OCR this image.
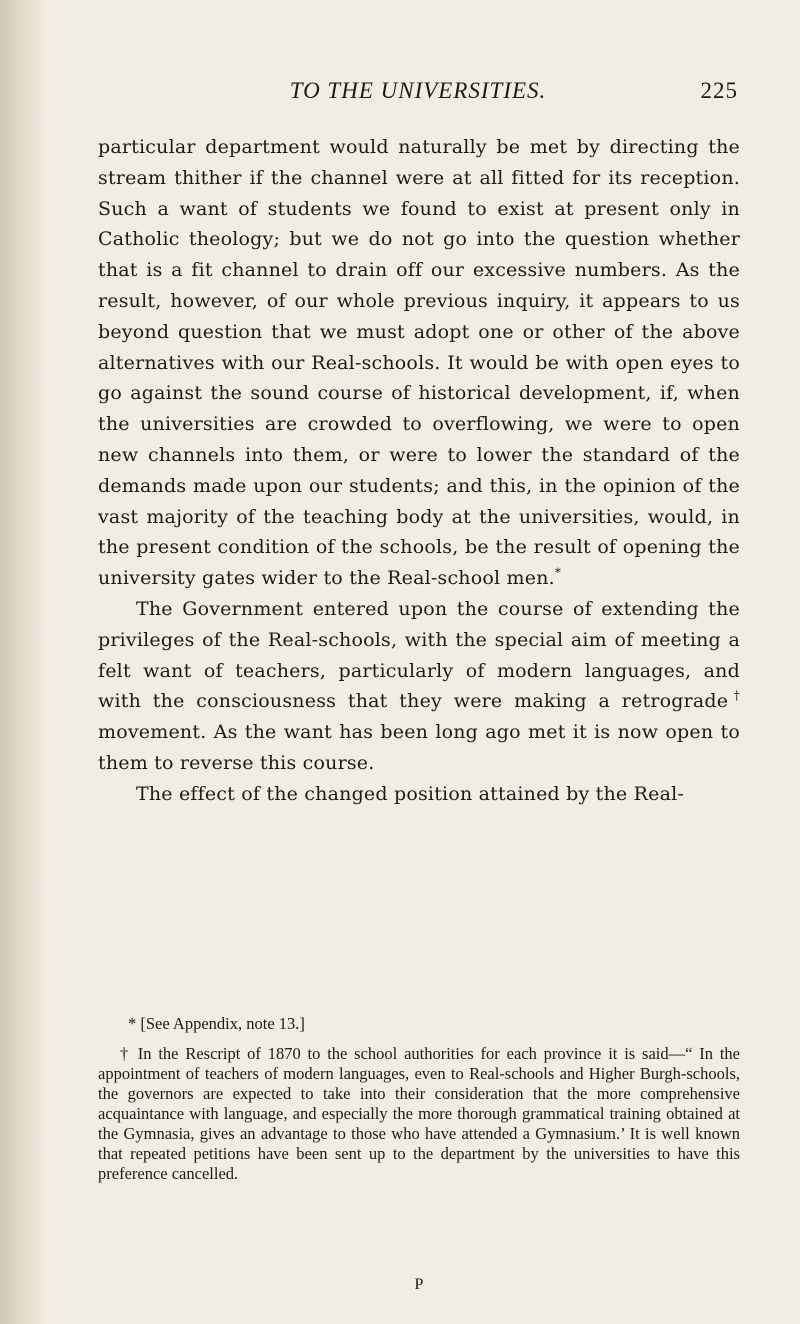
TO THE UNIVERSITIES.	225

particular department would naturally be met by directing the stream thither if the channel were at all fitted for its reception. Such a want of students we found to exist at present only in Catholic theology; but we do not go into the question whether that is a fit channel to drain off our excessive numbers. As the result, however, of our whole previous inquiry, it appears to us beyond question that we must adopt one or other of the above alternatives with our Real-schools. It would be with open eyes to go against the sound course of historical development, if, when the universities are crowded to overflowing, we were to open new channels into them, or were to lower the standard of the demands made upon our students; and this, in the opinion of the vast majority of the teaching body at the universities, would, in the present condition of the schools, be the result of opening the university gates wider to the Real-school men.*

The Government entered upon the course of extending the privileges of the Real-schools, with the special aim of meeting a felt want of teachers, particularly of modern languages, and with the consciousness that they were making a retrograde† movement. As the want has been long ago met it is now open to them to reverse this course.

The effect of the changed position attained by the Real-

* [See Appendix, note 13.]

† In the Rescript of 1870 to the school authorities for each province it is said—“ In the appointment of teachers of modern languages, even to Real-schools and Higher Burgh-schools, the governors are expected to take into their consideration that the more comprehensive acquaintance with language, and especially the more thorough grammatical training obtained at the Gymnasia, gives an advantage to those who have attended a Gymnasium.’ It is well known that repeated petitions have been sent up to the department by the universities to have this preference cancelled.

P
